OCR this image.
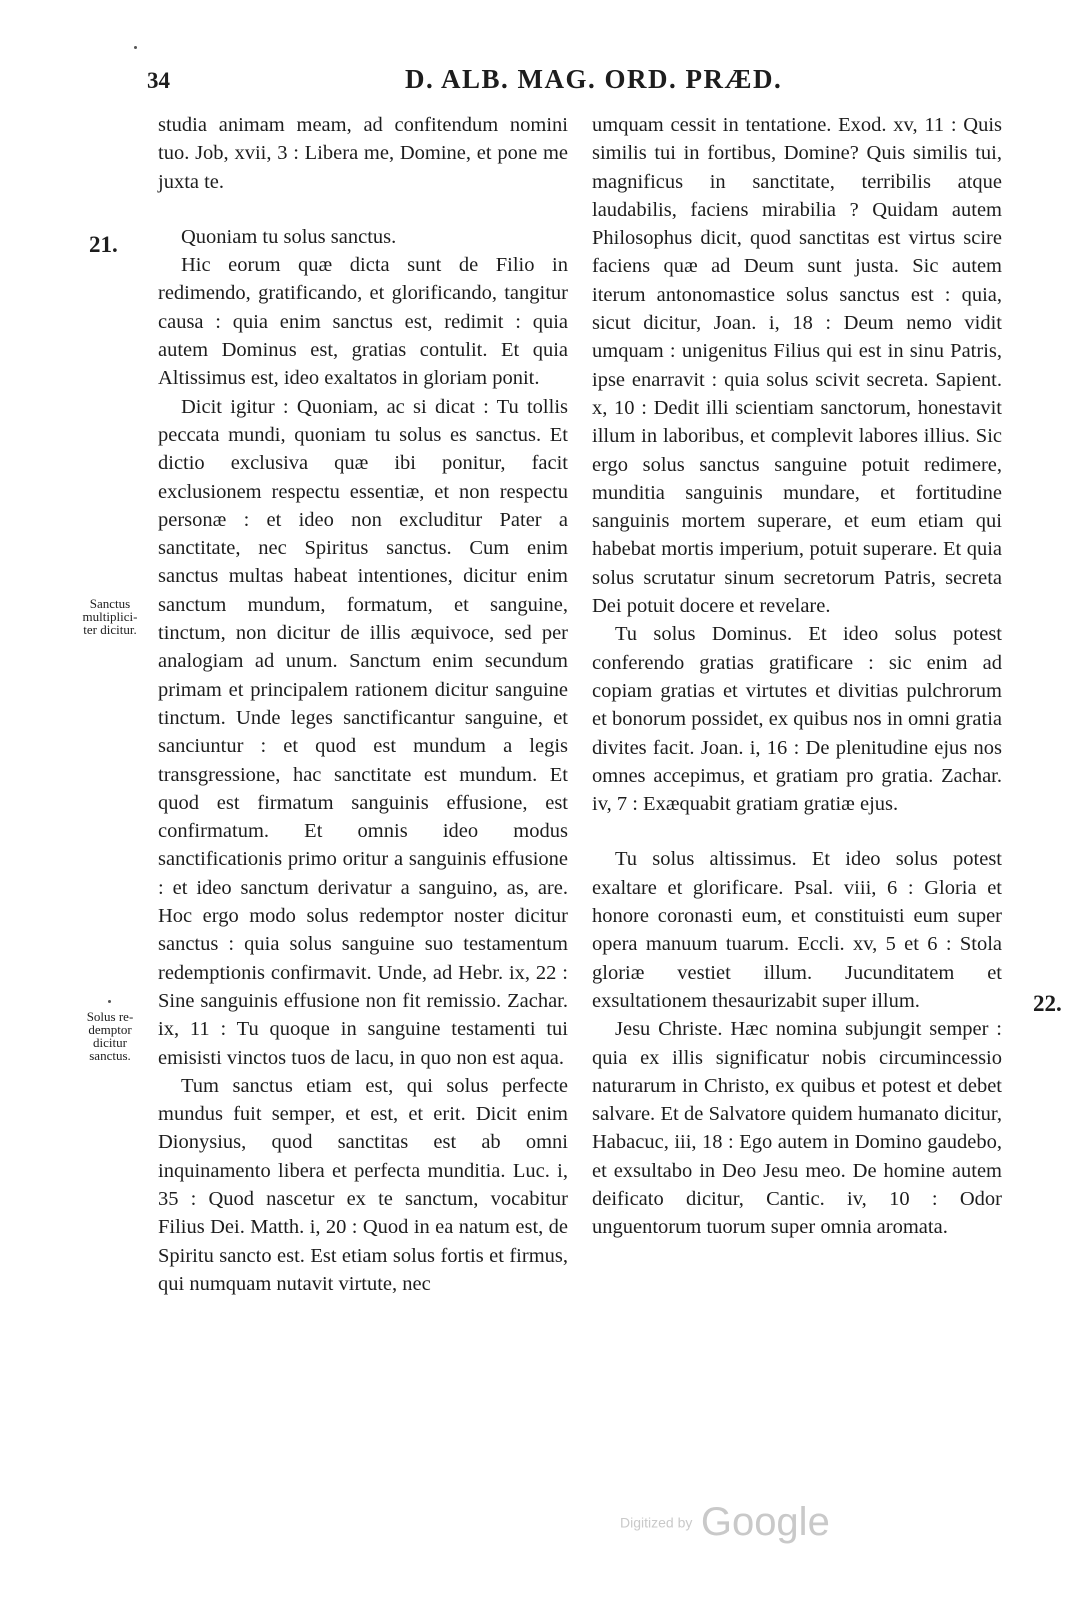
34	D. ALB. MAG. ORD. PRÆD.
21.
22.
Sanctus
multiplici-
ter dicitur.
Solus re-
demptor
dicitur
sanctus.

studia animam meam, ad confitendum nomini tuo. Job, xvii, 3 : Libera me, Domine, et pone me juxta te.

Quoniam tu solus sanctus.

Hic eorum quæ dicta sunt de Filio in redimendo, gratificando, et glorificando, tangitur causa : quia enim sanctus est, redimit : quia autem Dominus est, gratias contulit. Et quia Altissimus est, ideo exaltatos in gloriam ponit.

Dicit igitur : Quoniam, ac si dicat : Tu tollis peccata mundi, quoniam tu solus es sanctus. Et dictio exclusiva quæ ibi ponitur, facit exclusionem respectu essentiæ, et non respectu personæ : et ideo non excluditur Pater a sanctitate, nec Spiritus sanctus. Cum enim sanctus multas habeat intentiones, dicitur enim sanctum mundum, formatum, et sanguine, tinctum, non dicitur de illis æquivoce, sed per analogiam ad unum. Sanctum enim secundum primam et principalem rationem dicitur sanguine tinctum. Unde leges sanctificantur sanguine, et sanciuntur : et quod est mundum a legis transgressione, hac sanctitate est mundum. Et quod est firmatum sanguinis effusione, est confirmatum. Et omnis ideo modus sanctificationis primo oritur a sanguinis effusione : et ideo sanctum derivatur a sanguino, as, are. Hoc ergo modo solus redemptor noster dicitur sanctus : quia solus sanguine suo testamentum redemptionis confirmavit. Unde, ad Hebr. ix, 22 : Sine sanguinis effusione non fit remissio. Zachar. ix, 11 : Tu quoque in sanguine testamenti tui emisisti vinctos tuos de lacu, in quo non est aqua.

Tum sanctus etiam est, qui solus perfecte mundus fuit semper, et est, et erit. Dicit enim Dionysius, quod sanctitas est ab omni inquinamento libera et perfecta munditia. Luc. i, 35 : Quod nascetur ex te sanctum, vocabitur Filius Dei. Matth. i, 20 : Quod in ea natum est, de Spiritu sancto est. Est etiam solus fortis et firmus, qui numquam nutavit virtute, nec

umquam cessit in tentatione. Exod. xv, 11 : Quis similis tui in fortibus, Domine? Quis similis tui, magnificus in sanctitate, terribilis atque laudabilis, faciens mirabilia ? Quidam autem Philosophus dicit, quod sanctitas est virtus scire faciens quæ ad Deum sunt justa. Sic autem iterum antonomastice solus sanctus est : quia, sicut dicitur, Joan. i, 18 : Deum nemo vidit umquam : unigenitus Filius qui est in sinu Patris, ipse enarravit : quia solus scivit secreta. Sapient. x, 10 : Dedit illi scientiam sanctorum, honestavit illum in laboribus, et complevit labores illius. Sic ergo solus sanctus sanguine potuit redimere, munditia sanguinis mundare, et fortitudine sanguinis mortem superare, et eum etiam qui habebat mortis imperium, potuit superare. Et quia solus scrutatur sinum secretorum Patris, secreta Dei potuit docere et revelare.

Tu solus Dominus. Et ideo solus potest conferendo gratias gratificare : sic enim ad copiam gratias et virtutes et divitias pulchrorum et bonorum possidet, ex quibus nos in omni gratia divites facit. Joan. i, 16 : De plenitudine ejus nos omnes accepimus, et gratiam pro gratia. Zachar. iv, 7 : Exæquabit gratiam gratiæ ejus.

Tu solus altissimus. Et ideo solus potest exaltare et glorificare. Psal. viii, 6 : Gloria et honore coronasti eum, et constituisti eum super opera manuum tuarum. Eccli. xv, 5 et 6 : Stola gloriæ vestiet illum. Jucunditatem et exsultationem thesaurizabit super illum.

Jesu Christe. Hæc nomina subjungit semper : quia ex illis significatur nobis circumincessio naturarum in Christo, ex quibus et potest et debet salvare. Et de Salvatore quidem humanato dicitur, Habacuc, iii, 18 : Ego autem in Domino gaudebo, et exsultabo in Deo Jesu meo. De homine autem deificato dicitur, Cantic. iv, 10 : Odor unguentorum tuorum super omnia aromata.

Digitized by Google
